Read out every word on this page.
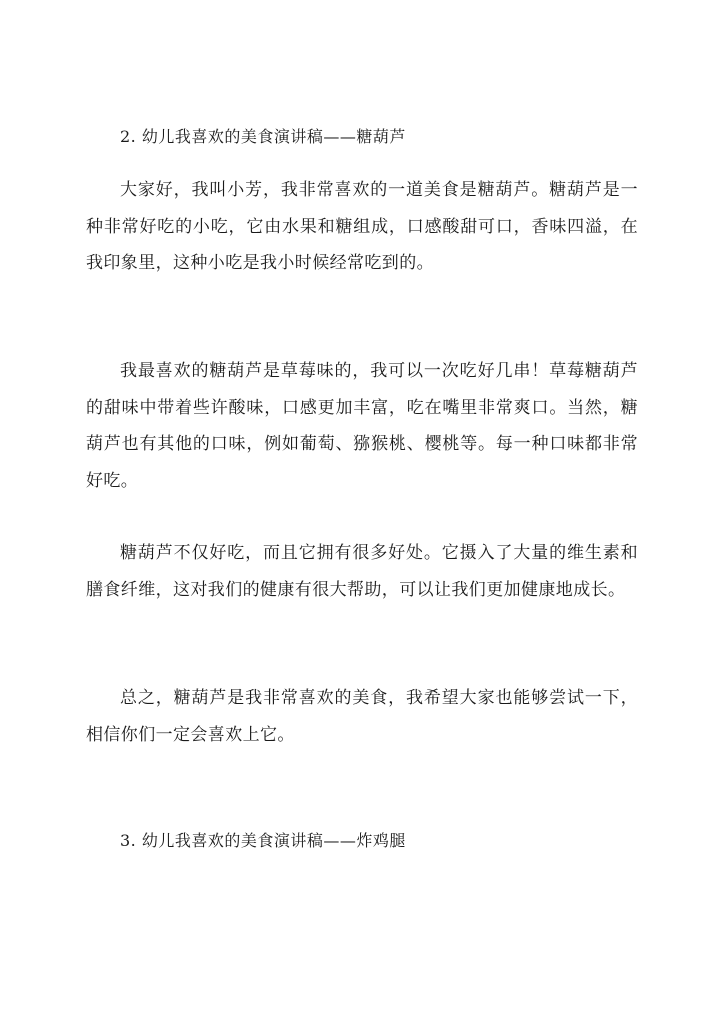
2. 幼儿我喜欢的美食演讲稿——糖葫芦

大家好，我叫小芳，我非常喜欢的一道美食是糖葫芦。糖葫芦是一种非常好吃的小吃，它由水果和糖组成，口感酸甜可口，香味四溢，在我印象里，这种小吃是我小时候经常吃到的。

我最喜欢的糖葫芦是草莓味的，我可以一次吃好几串！草莓糖葫芦的甜味中带着些许酸味，口感更加丰富，吃在嘴里非常爽口。当然，糖葫芦也有其他的口味，例如葡萄、猕猴桃、樱桃等。每一种口味都非常好吃。

糖葫芦不仅好吃，而且它拥有很多好处。它摄入了大量的维生素和膳食纤维，这对我们的健康有很大帮助，可以让我们更加健康地成长。

总之，糖葫芦是我非常喜欢的美食，我希望大家也能够尝试一下，相信你们一定会喜欢上它。

3. 幼儿我喜欢的美食演讲稿——炸鸡腿
